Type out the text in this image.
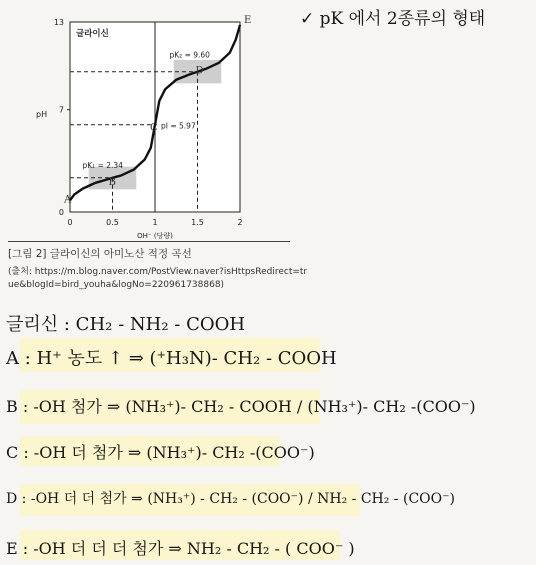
✓ pK 에서 2종류의 형태
0	0.5	1	1.5	2
0
7
13
OH⁻ (당량)
pH
글라이신
pK₁ = 2.34
pI = 5.97
pK₂ = 9.60
A
B
C
D
E
[그림 2] 글라이신의 아미노산 적정 곡선
(출처: https://m.blog.naver.com/PostView.naver?isHttpsRedirect=tr
ue&blogId=bird_youha&logNo=220961738868)
글리신 : CH₂ - NH₂ - COOH
A : H⁺ 농도 ↑ ⇒ (⁺H₃N)- CH₂ - COOH
B : -OH 첨가 ⇒ (NH₃⁺)- CH₂ - COOH / (NH₃⁺)- CH₂ -(COO⁻)
C : -OH 더 첨가 ⇒ (NH₃⁺)- CH₂ -(COO⁻)
D : -OH 더 더 첨가 ⇒ (NH₃⁺) - CH₂ - (COO⁻) / NH₂ - CH₂ - (COO⁻)
E : -OH 더 더 더 첨가 ⇒ NH₂ - CH₂ - ( COO⁻ )
